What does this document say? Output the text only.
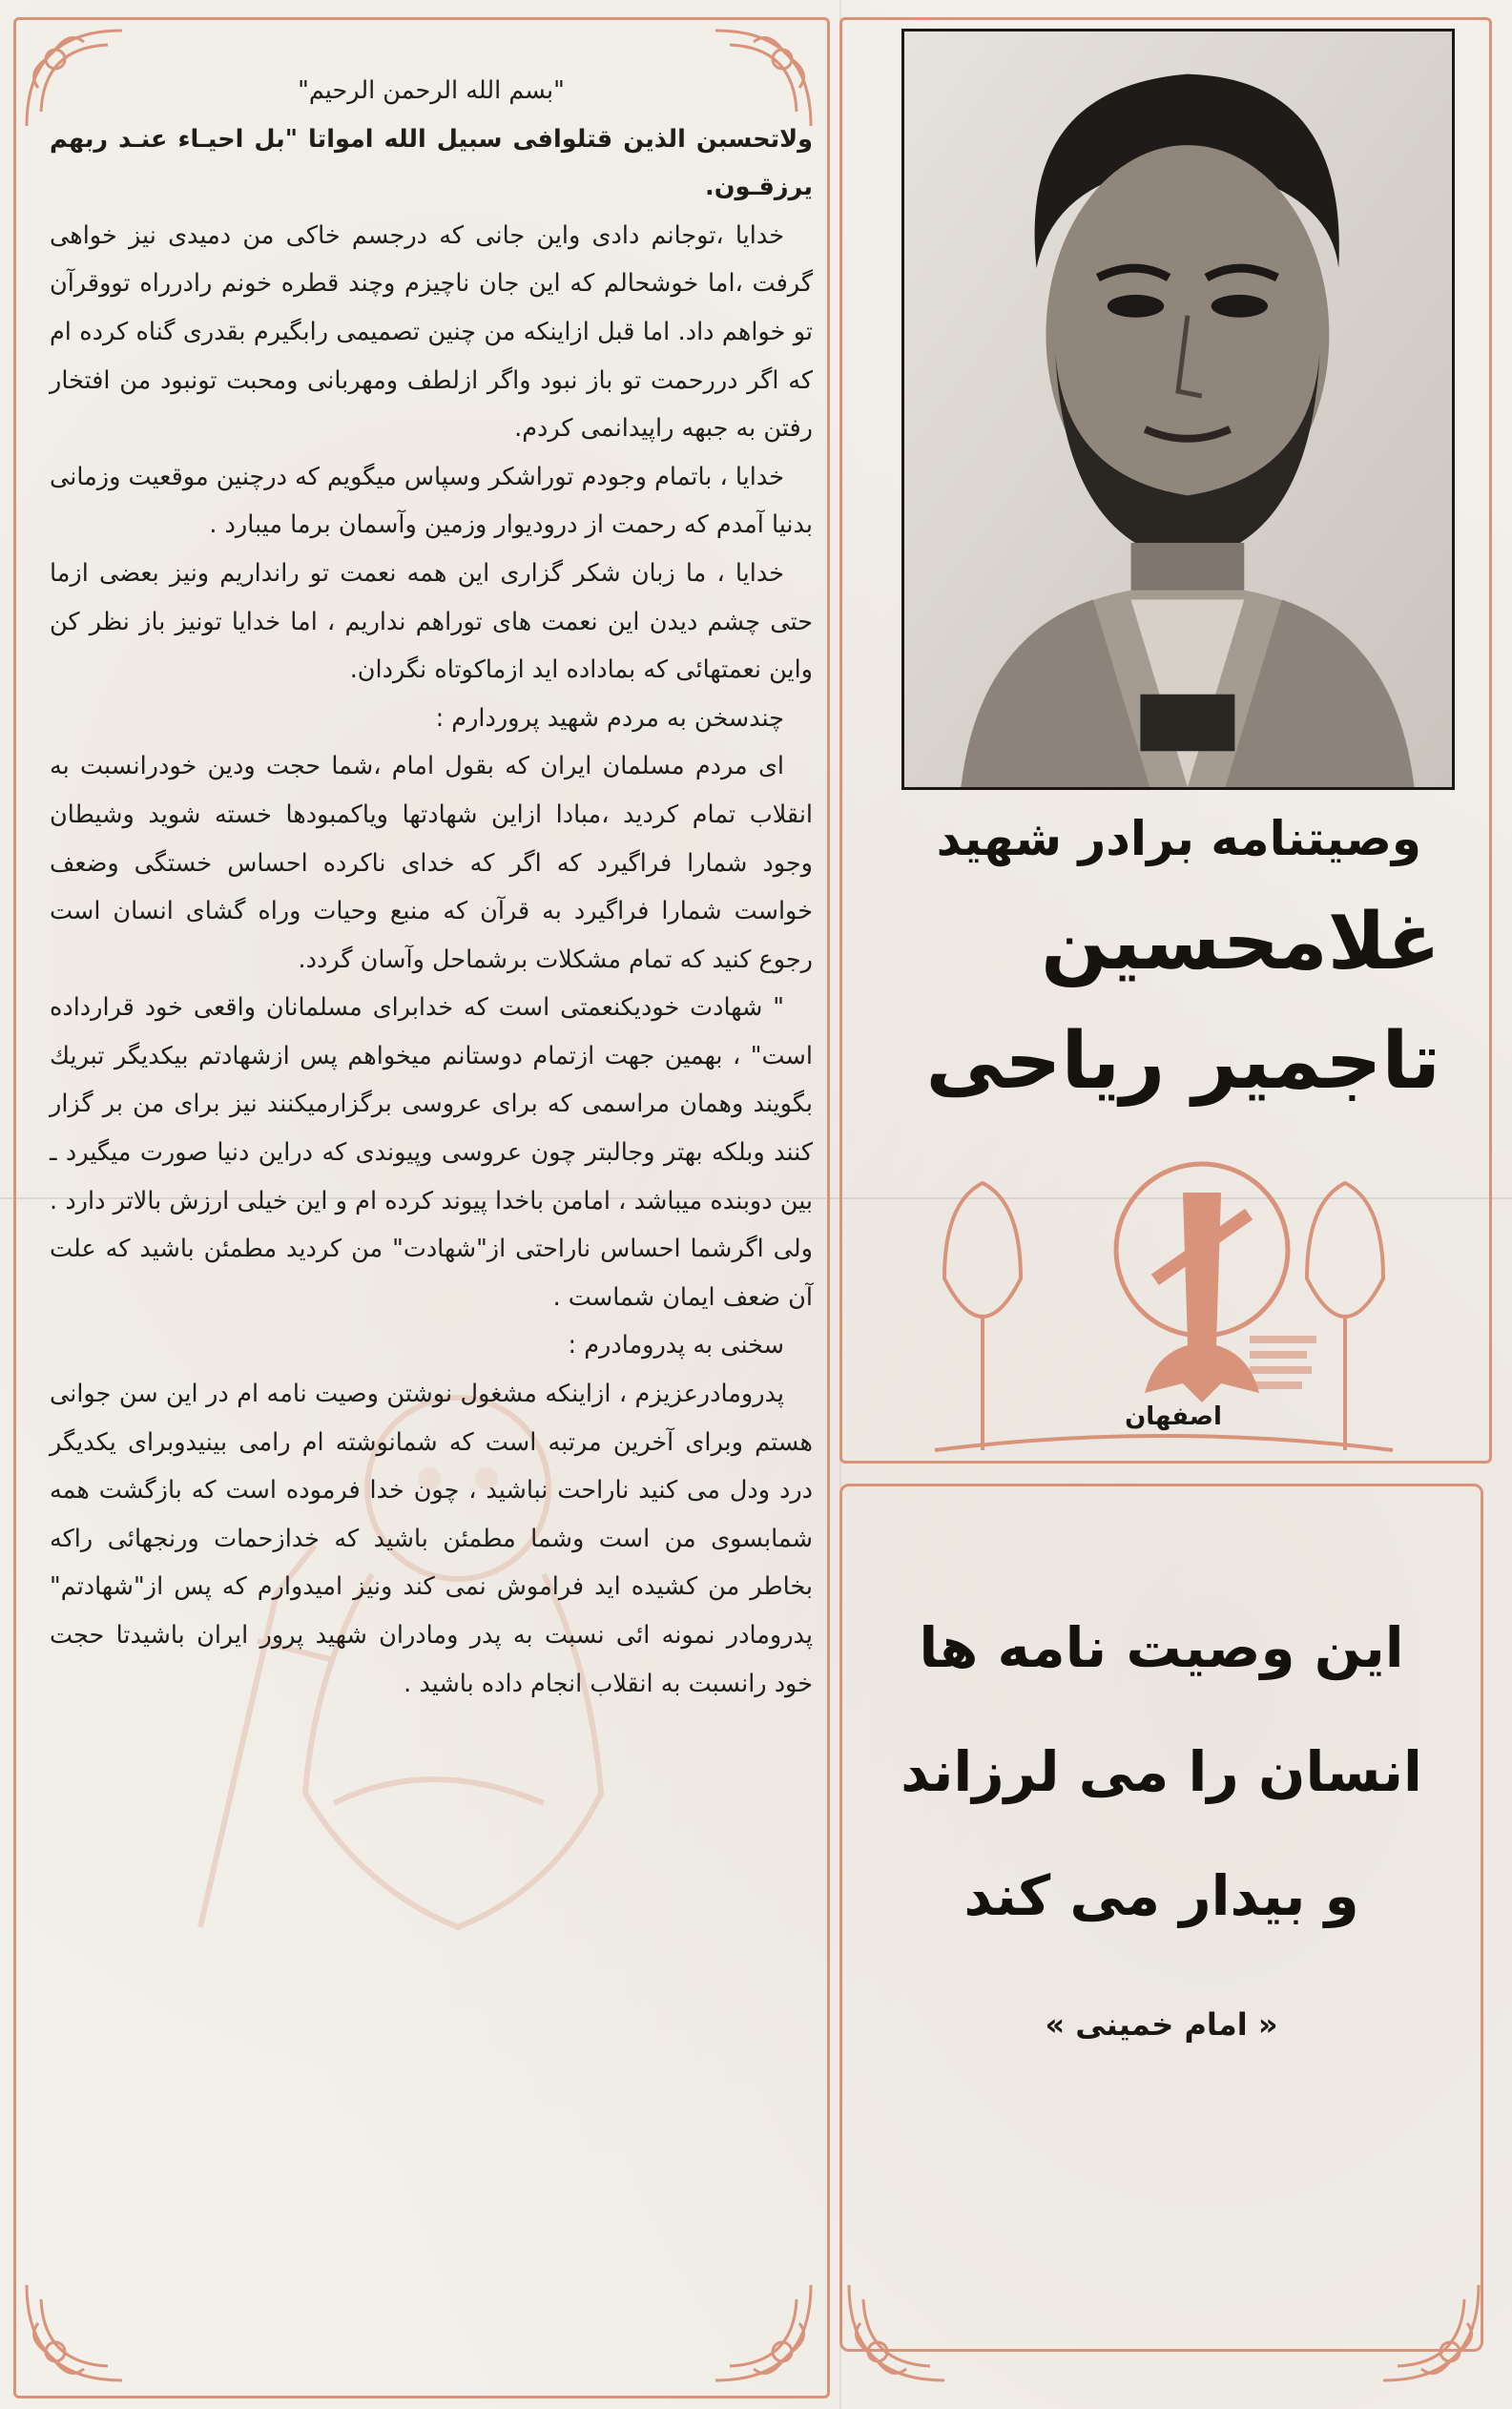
"بسم الله الرحمن الرحيم"

ولاتحسبن الذين قتلوافی سبيل الله امواتا "بل احيـاء عنـد ربهم يرزقـون.

خدايا ،توجانم دادی واين جانی كه درجسم خاكی من دميدی نيز خواهی گرفت ،اما خوشحالم كه اين جان ناچيزم وچند قطره خونم رادرراه تووقرآن تو خواهم داد. اما قبل ازاينكه من چنين تصميمی رابگيرم بقدری گناه كرده ام كه اگر دررحمت تو باز نبود واگر ازلطف ومهربانی ومحبت تونبود من افتخار رفتن به جبهه راپيدانمی كردم.

خدايا ، باتمام وجودم توراشكر وسپاس ميگويم كه درچنين موقعيت وزمانی بدنيا آمدم كه رحمت از درودیوار وزمين وآسمان برما ميبارد .

خدايا ، ما زبان شكر گزاری اين همه نعمت تو رانداريم ونيز بعضی ازما حتی چشم ديدن اين نعمت های توراهم نداريم ، اما خدايا تونيز باز نظر كن واين نعمتهائی كه بماداده ايد ازماكوتاه نگردان.

چندسخن به مردم شهيد پروردارم :

ای مردم مسلمان ايران كه بقول امام ،شما حجت ودين خودرانسبت به انقلاب تمام كرديد ،مبادا ازاين شهادتها وياكمبودها خسته شويد وشيطان وجود شمارا فراگيرد كه اگر كه خدای ناكرده احساس خستگی وضعف خواست شمارا فراگيرد به قرآن كه منبع وحيات وراه گشای انسان است رجوع كنيد كه تمام مشكلات برشماحل وآسان گردد.

" شهادت خودیكنعمتی است كه خدابرای مسلمانان واقعی خود قرارداده است" ، بهمين جهت ازتمام دوستانم ميخواهم پس ازشهادتم بيكديگر تبريك بگويند وهمان مراسمی كه برای عروسی برگزارميكنند نيز برای من بر گزار كنند وبلكه بهتر وجالبتر چون عروسی وپيوندی كه دراين دنيا صورت ميگيرد ـ بين دوبنده ميباشد ، امامن باخدا پيوند كرده ام و اين خيلی ارزش بالاتر دارد . ولی اگرشما احساس ناراحتی از"شهادت" من كرديد مطمئن باشيد كه علت آن ضعف ايمان شماست .

سخنی به پدرومادرم :

پدرومادرعزيزم ، ازاينكه مشغول نوشتن وصيت نامه ام در اين سن جوانی هستم وبرای آخرين مرتبه است كه شمانوشته ام رامی بينيدوبرای يكديگر درد ودل می كنيد ناراحت نباشيد ، چون خدا فرموده است كه بازگشت همه شمابسوی من است وشما مطمئن باشيد كه خدازحمات ورنجهائی راكه بخاطر من كشيده ايد فراموش نمی كند ونيز اميدوارم كه پس از"شهادتم" پدرومادر نمونه ائی نسبت به پدر ومادران شهيد پرور ايران باشيدتا حجت خود رانسبت به انقلاب انجام داده باشيد .

وصيتنامه برادر شهيد
غلامحسين
تاجمير رياحی
اصفهان
اين وصيت نامه ها
انسان را می لرزاند
و بيدار می كند
« امام خمينی »
